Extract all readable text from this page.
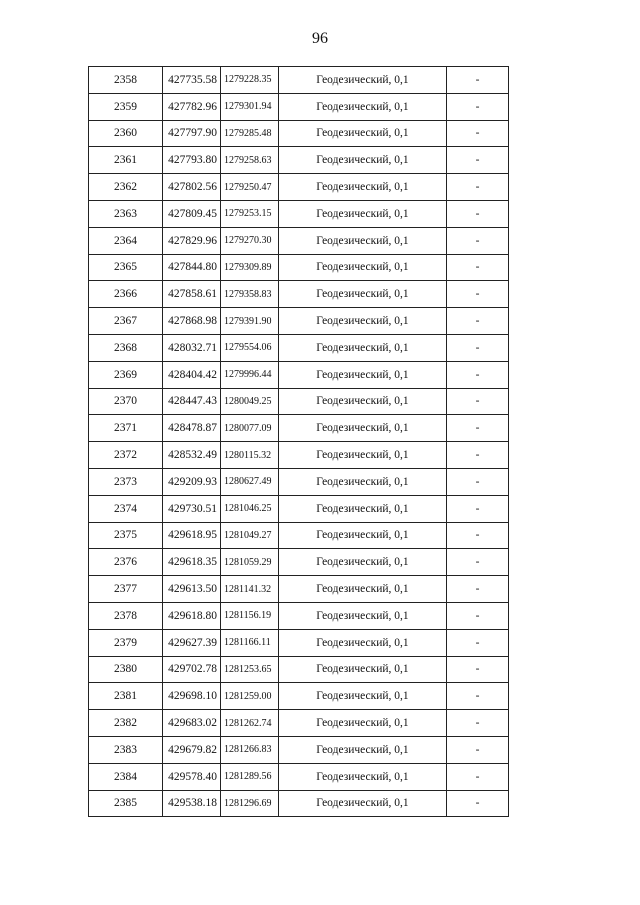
96
2358	427735.58	1279228.35	Геодезический, 0,1	-
2359	427782.96	1279301.94	Геодезический, 0,1	-
2360	427797.90	1279285.48	Геодезический, 0,1	-
2361	427793.80	1279258.63	Геодезический, 0,1	-
2362	427802.56	1279250.47	Геодезический, 0,1	-
2363	427809.45	1279253.15	Геодезический, 0,1	-
2364	427829.96	1279270.30	Геодезический, 0,1	-
2365	427844.80	1279309.89	Геодезический, 0,1	-
2366	427858.61	1279358.83	Геодезический, 0,1	-
2367	427868.98	1279391.90	Геодезический, 0,1	-
2368	428032.71	1279554.06	Геодезический, 0,1	-
2369	428404.42	1279996.44	Геодезический, 0,1	-
2370	428447.43	1280049.25	Геодезический, 0,1	-
2371	428478.87	1280077.09	Геодезический, 0,1	-
2372	428532.49	1280115.32	Геодезический, 0,1	-
2373	429209.93	1280627.49	Геодезический, 0,1	-
2374	429730.51	1281046.25	Геодезический, 0,1	-
2375	429618.95	1281049.27	Геодезический, 0,1	-
2376	429618.35	1281059.29	Геодезический, 0,1	-
2377	429613.50	1281141.32	Геодезический, 0,1	-
2378	429618.80	1281156.19	Геодезический, 0,1	-
2379	429627.39	1281166.11	Геодезический, 0,1	-
2380	429702.78	1281253.65	Геодезический, 0,1	-
2381	429698.10	1281259.00	Геодезический, 0,1	-
2382	429683.02	1281262.74	Геодезический, 0,1	-
2383	429679.82	1281266.83	Геодезический, 0,1	-
2384	429578.40	1281289.56	Геодезический, 0,1	-
2385	429538.18	1281296.69	Геодезический, 0,1	-
